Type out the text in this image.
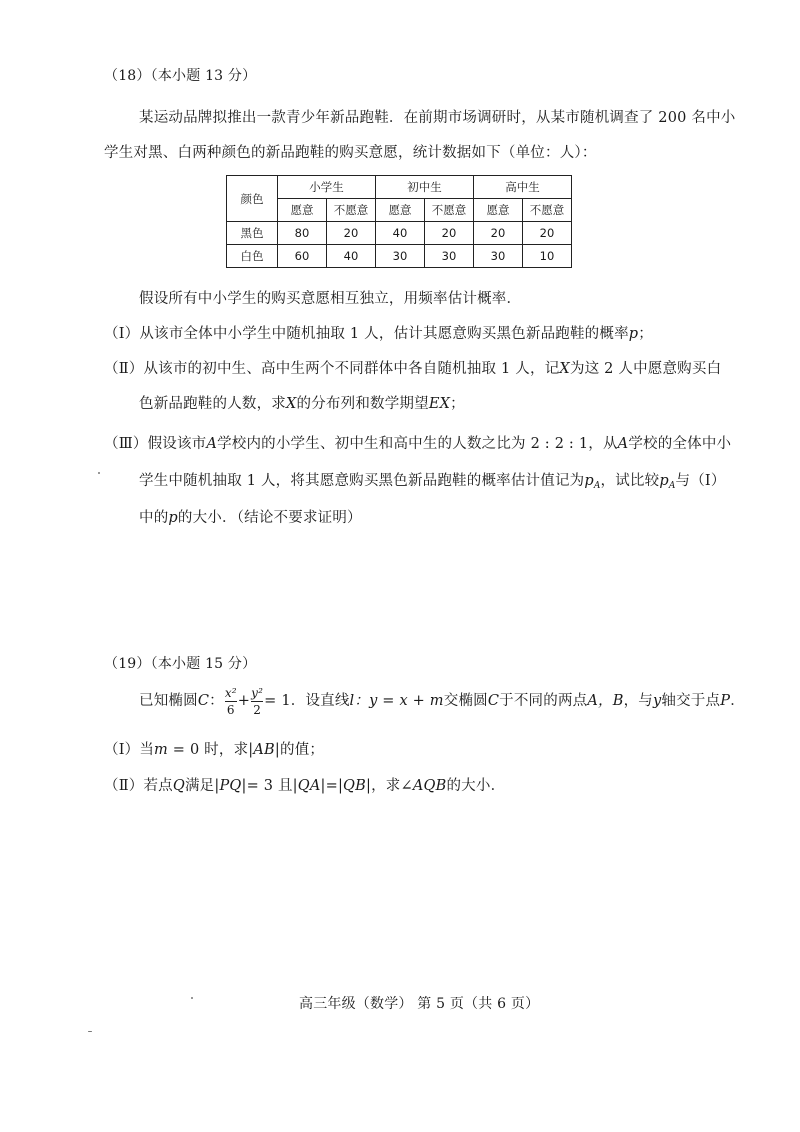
（18）（本小题 13 分）
某运动品牌拟推出一款青少年新品跑鞋．在前期市场调研时，从某市随机调查了 200 名中小
学生对黑、白两种颜色的新品跑鞋的购买意愿，统计数据如下（单位：人）：
颜色	小学生		初中生		高中生	
	愿意	不愿意	愿意	不愿意	愿意	不愿意
黑色	80	20	40	20	20	20
白色	60	40	30	30	30	10
假设所有中小学生的购买意愿相互独立，用频率估计概率．
（Ⅰ）从该市全体中小学生中随机抽取 1 人，估计其愿意购买黑色新品跑鞋的概率p；
（Ⅱ）从该市的初中生、高中生两个不同群体中各自随机抽取 1 人，记X为这 2 人中愿意购买白
色新品跑鞋的人数，求X的分布列和数学期望EX；
（Ⅲ）假设该市A学校内的小学生、初中生和高中生的人数之比为 2 : 2 : 1，从A学校的全体中小
学生中随机抽取 1 人，将其愿意购买黑色新品跑鞋的概率估计值记为$p_A$，试比较$p_A$与（Ⅰ）
中的p的大小．（结论不要求证明）
（19）（本小题 15 分）
已知椭圆C： $\frac{\text{x²}}{6} + \frac{\text{y²}}{2} = 1$．设直线l：y = x + m交椭圆C于不同的两点A，B，与y轴交于点P．
（Ⅰ）当m = 0 时，求|AB|的值；
（Ⅱ）若点Q满足|PQ|= 3 且|QA|=|QB|，求∠AQB的大小．
高三年级（数学） 第 5 页（共 6 页）
